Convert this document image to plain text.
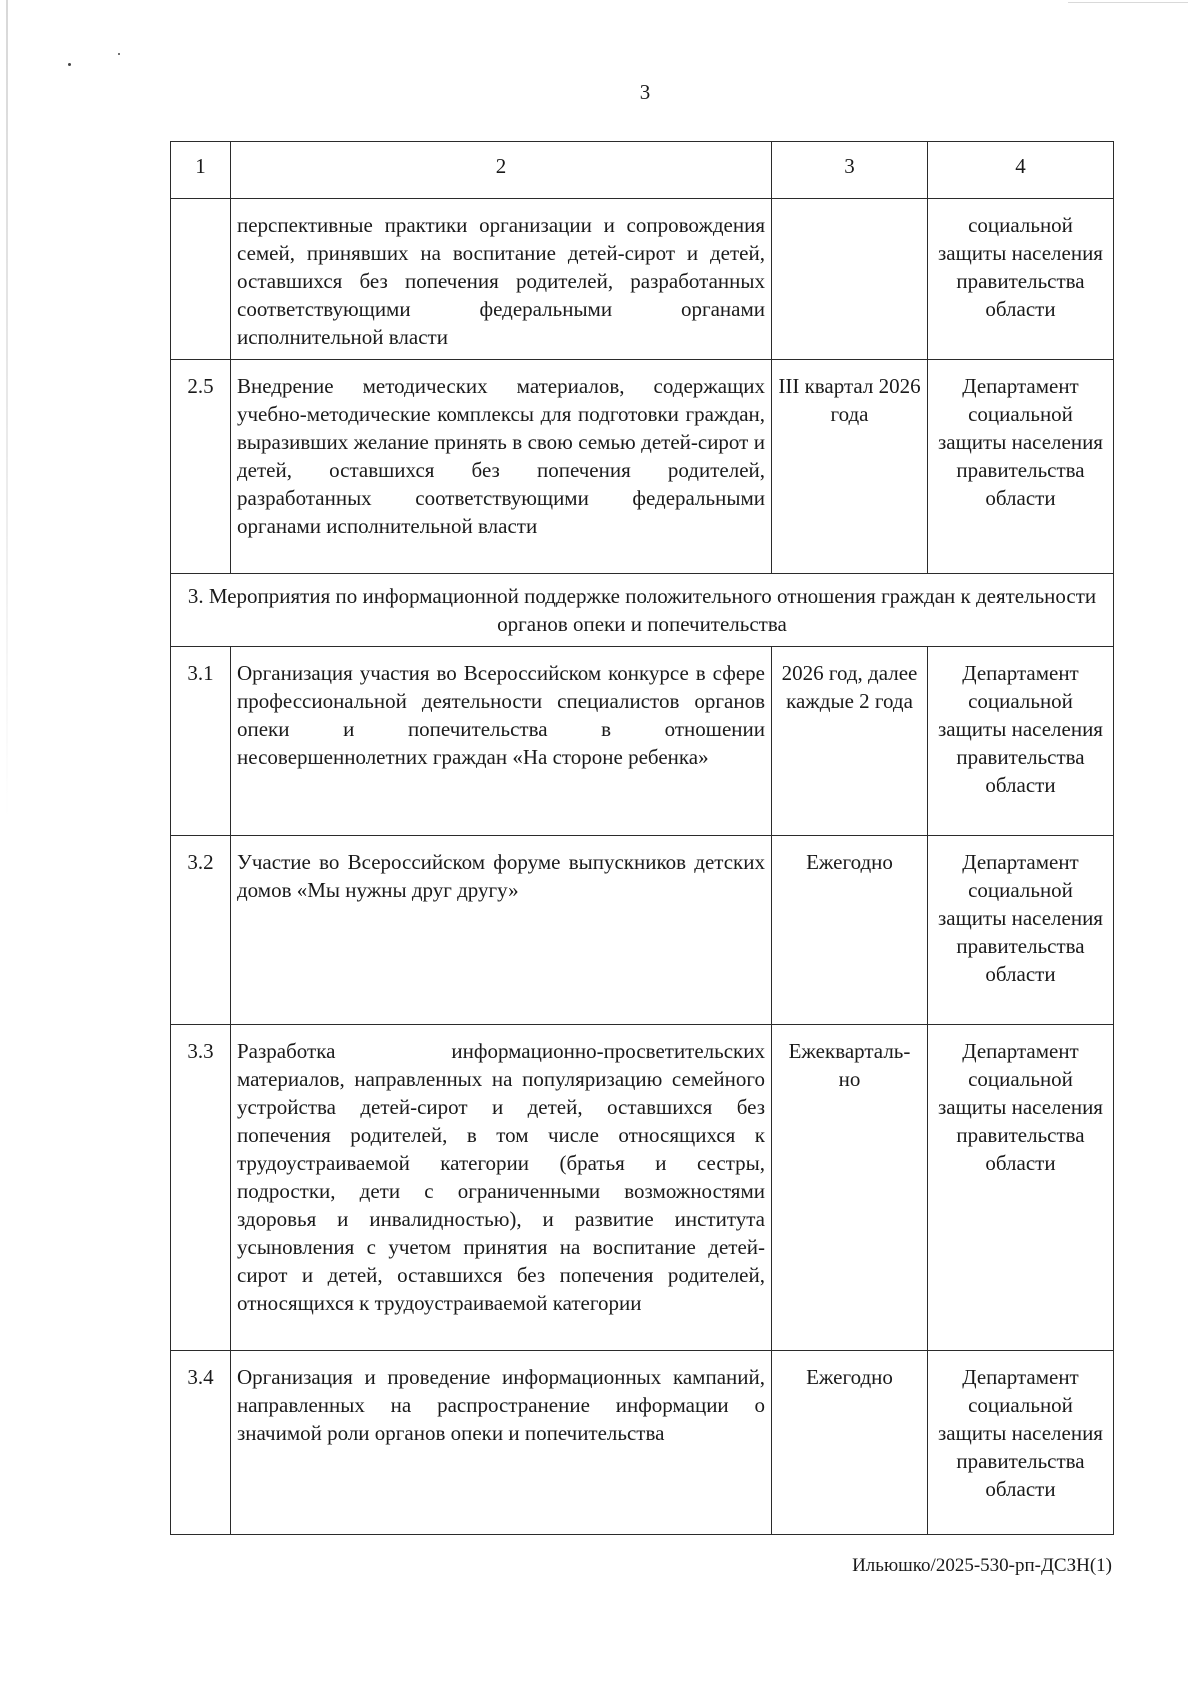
3
1	2	3	4
	перспективные практики организации и сопровождения семей, принявших на воспитание детей-сирот и детей, оставшихся без попечения родителей, разработанных соответствующими федеральными органами исполнительной власти		социальной защиты населения правительства области
2.5	Внедрение методических материалов, содержащих учебно-методические комплексы для подготовки граждан, выразивших желание принять в свою семью детей-сирот и детей, оставшихся без попечения родителей, разработанных соответствующими федеральными органами исполнительной власти	III квартал 2026 года	Департамент социальной защиты населения правительства области
3. Мероприятия по информационной поддержке положительного отношения граждан к деятельности органов опеки и попечительства			
3.1	Организация участия во Всероссийском конкурсе в сфере профессиональной деятельности специалистов органов опеки и попечительства в отношении несовершеннолетних граждан «На стороне ребенка»	2026 год, далее каждые 2 года	Департамент социальной защиты населения правительства области
3.2	Участие во Всероссийском форуме выпускников детских домов «Мы нужны друг другу»	Ежегодно	Департамент социальной защиты населения правительства области
3.3	Разработка информационно-просветительских материалов, направленных на популяризацию семейного устройства детей-сирот и детей, оставшихся без попечения родителей, в том числе относящихся к трудоустраиваемой категории (братья и сестры, подростки, дети с ограниченными возможностями здоровья и инвалидностью), и развитие института усыновления с учетом принятия на воспитание детей-сирот и детей, оставшихся без попечения родителей, относящихся к трудоустраиваемой категории	Ежекварталь-но	Департамент социальной защиты населения правительства области
3.4	Организация и проведение информационных кампаний, направленных на распространение информации о значимой роли органов опеки и попечительства	Ежегодно	Департамент социальной защиты населения правительства области
Ильюшко/2025-530-рп-ДСЗН(1)
